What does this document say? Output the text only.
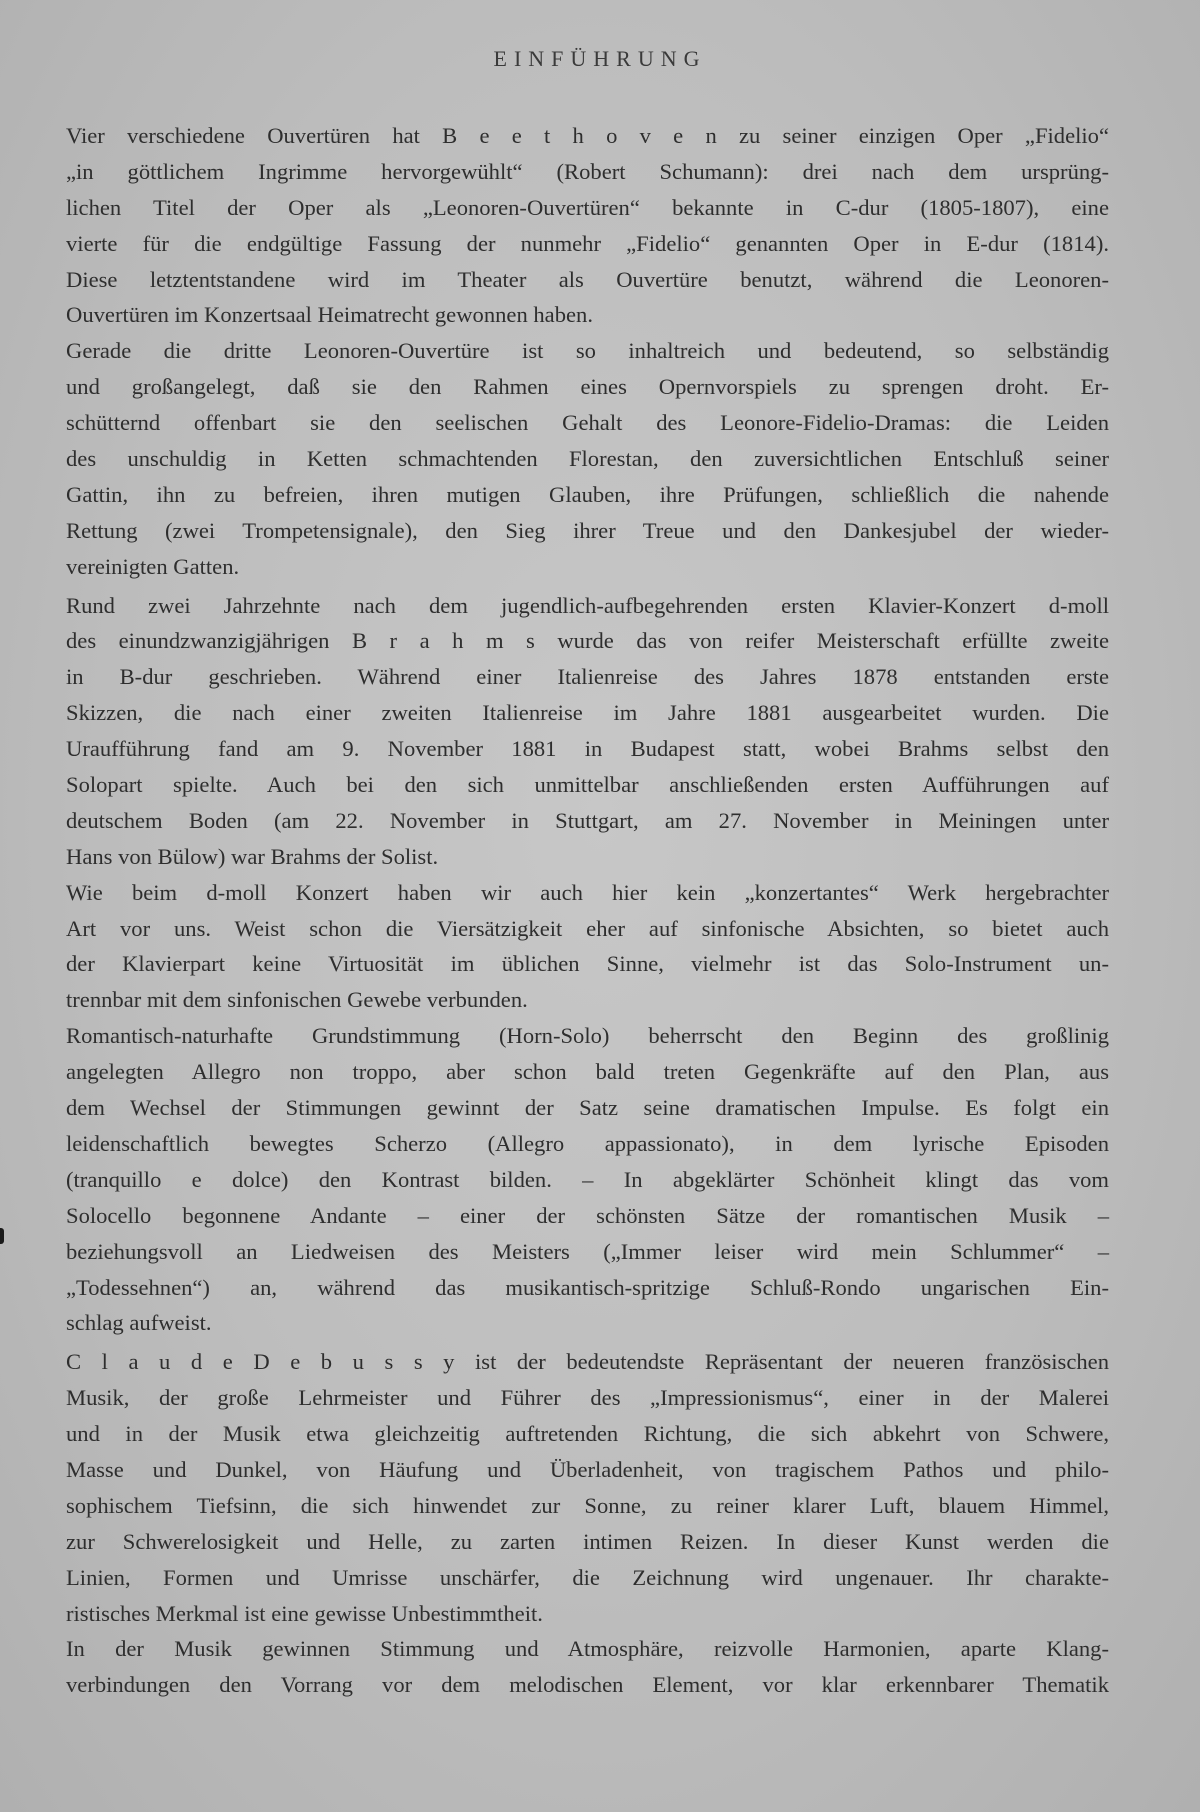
EINFÜHRUNG
Vier verschiedene Ouvertüren hat B e e t h o v e n zu seiner einzigen Oper „Fidelio“
„in göttlichem Ingrimme hervorgewühlt“ (Robert Schumann): drei nach dem ursprüng-
lichen Titel der Oper als „Leonoren-Ouvertüren“ bekannte in C-dur (1805-1807), eine
vierte für die endgültige Fassung der nunmehr „Fidelio“ genannten Oper in E-dur (1814).
Diese letztentstandene wird im Theater als Ouvertüre benutzt, während die Leonoren-
Ouvertüren im Konzertsaal Heimatrecht gewonnen haben.
Gerade die dritte Leonoren-Ouvertüre ist so inhaltreich und bedeutend, so selbständig
und großangelegt, daß sie den Rahmen eines Opernvorspiels zu sprengen droht. Er-
schütternd offenbart sie den seelischen Gehalt des Leonore-Fidelio-Dramas: die Leiden
des unschuldig in Ketten schmachtenden Florestan, den zuversichtlichen Entschluß seiner
Gattin, ihn zu befreien, ihren mutigen Glauben, ihre Prüfungen, schließlich die nahende
Rettung (zwei Trompetensignale), den Sieg ihrer Treue und den Dankesjubel der wieder-
vereinigten Gatten.
Rund zwei Jahrzehnte nach dem jugendlich-aufbegehrenden ersten Klavier-Konzert d-moll
des einundzwanzigjährigen B r a h m s wurde das von reifer Meisterschaft erfüllte zweite
in B-dur geschrieben. Während einer Italienreise des Jahres 1878 entstanden erste
Skizzen, die nach einer zweiten Italienreise im Jahre 1881 ausgearbeitet wurden. Die
Uraufführung fand am 9. November 1881 in Budapest statt, wobei Brahms selbst den
Solopart spielte. Auch bei den sich unmittelbar anschließenden ersten Aufführungen auf
deutschem Boden (am 22. November in Stuttgart, am 27. November in Meiningen unter
Hans von Bülow) war Brahms der Solist.
Wie beim d-moll Konzert haben wir auch hier kein „konzertantes“ Werk hergebrachter
Art vor uns. Weist schon die Viersätzigkeit eher auf sinfonische Absichten, so bietet auch
der Klavierpart keine Virtuosität im üblichen Sinne, vielmehr ist das Solo-Instrument un-
trennbar mit dem sinfonischen Gewebe verbunden.
Romantisch-naturhafte Grundstimmung (Horn-Solo) beherrscht den Beginn des großlinig
angelegten Allegro non troppo, aber schon bald treten Gegenkräfte auf den Plan, aus
dem Wechsel der Stimmungen gewinnt der Satz seine dramatischen Impulse. Es folgt ein
leidenschaftlich bewegtes Scherzo (Allegro appassionato), in dem lyrische Episoden
(tranquillo e dolce) den Kontrast bilden. – In abgeklärter Schönheit klingt das vom
Solocello begonnene Andante – einer der schönsten Sätze der romantischen Musik –
beziehungsvoll an Liedweisen des Meisters („Immer leiser wird mein Schlummer“ –
„Todessehnen“) an, während das musikantisch-spritzige Schluß-Rondo ungarischen Ein-
schlag aufweist.
C l a u d e D e b u s s y ist der bedeutendste Repräsentant der neueren französischen
Musik, der große Lehrmeister und Führer des „Impressionismus“, einer in der Malerei
und in der Musik etwa gleichzeitig auftretenden Richtung, die sich abkehrt von Schwere,
Masse und Dunkel, von Häufung und Überladenheit, von tragischem Pathos und philo-
sophischem Tiefsinn, die sich hinwendet zur Sonne, zu reiner klarer Luft, blauem Himmel,
zur Schwerelosigkeit und Helle, zu zarten intimen Reizen. In dieser Kunst werden die
Linien, Formen und Umrisse unschärfer, die Zeichnung wird ungenauer. Ihr charakte-
ristisches Merkmal ist eine gewisse Unbestimmtheit.
In der Musik gewinnen Stimmung und Atmosphäre, reizvolle Harmonien, aparte Klang-
verbindungen den Vorrang vor dem melodischen Element, vor klar erkennbarer Thematik
